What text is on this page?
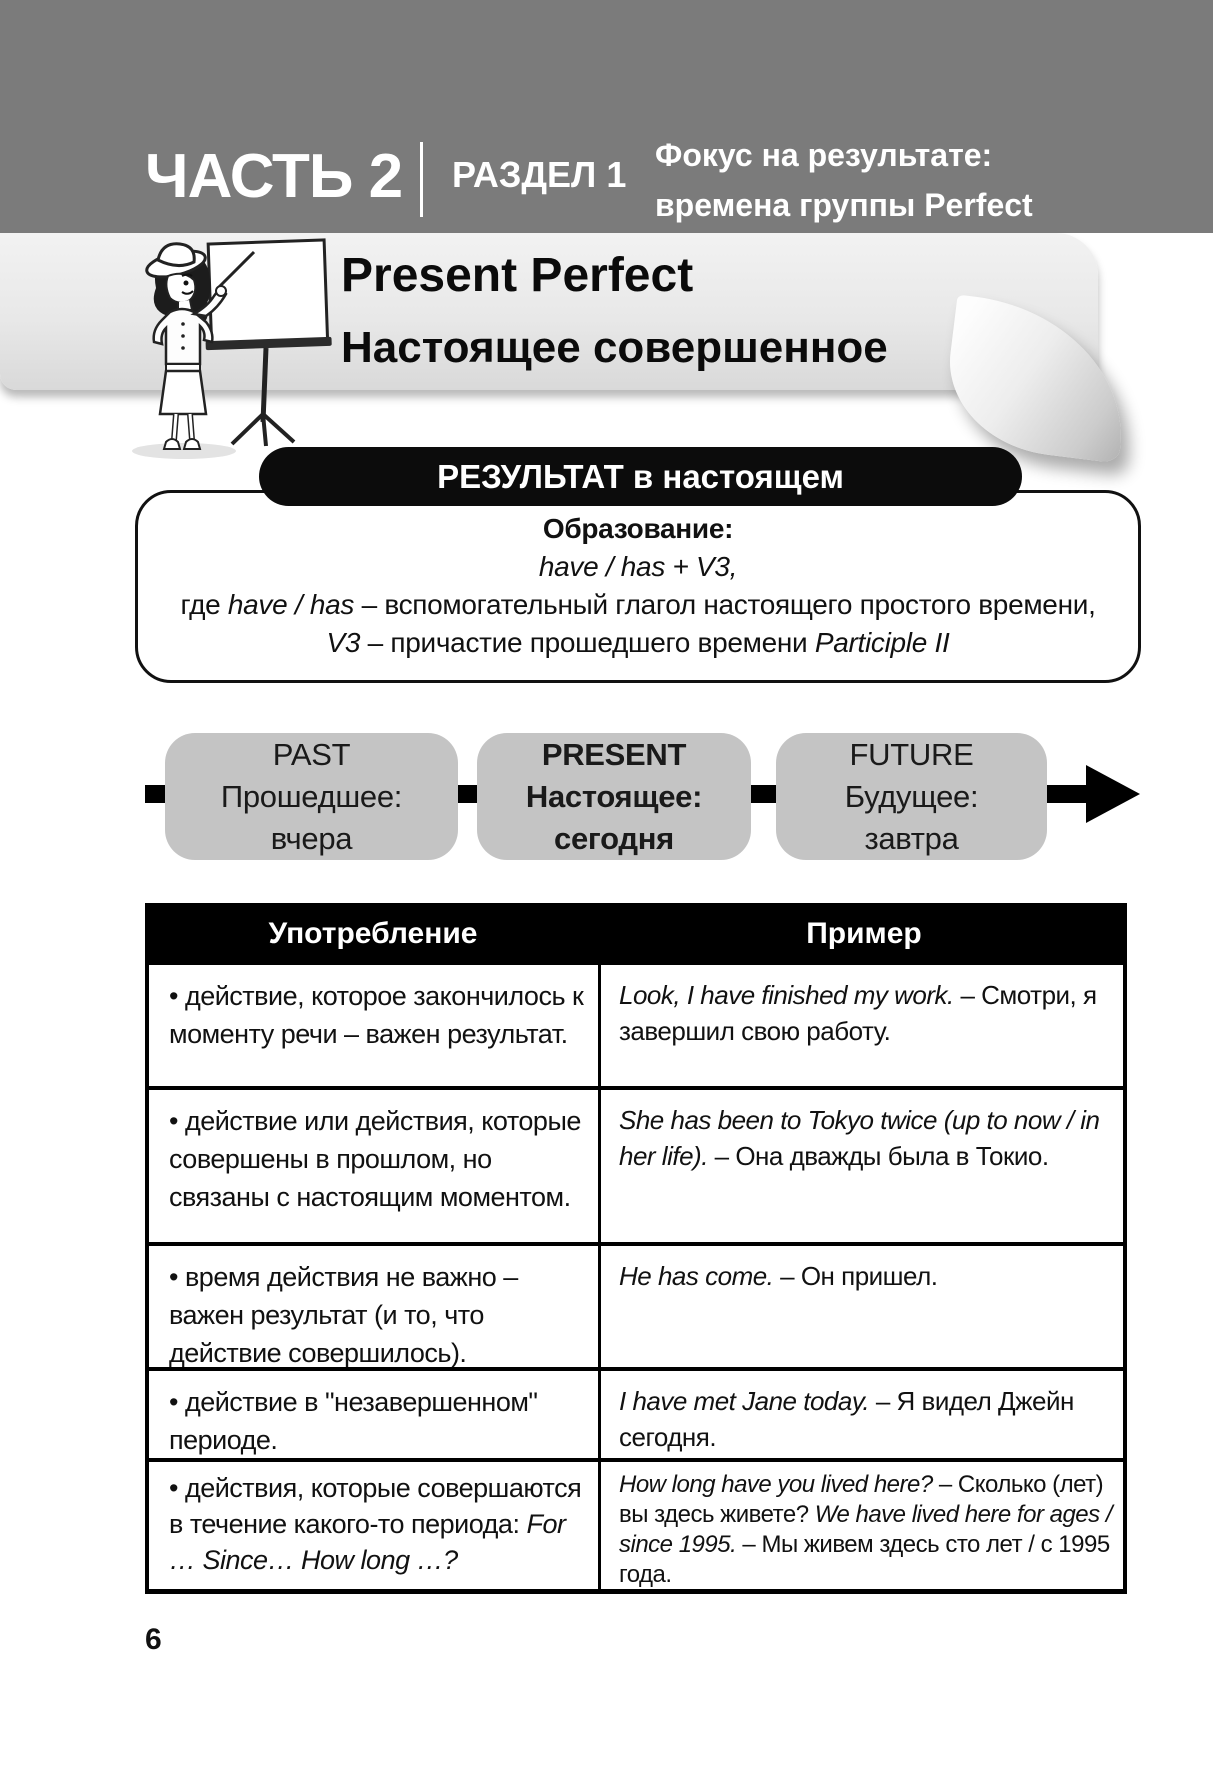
ЧАСТЬ 2 РАЗДЕЛ 1 Фокус на результате:
времена группы Perfect
Present Perfect
Настоящее совершенное
РЕЗУЛЬТАТ в настоящем
Образование:
have / has + V3,
где have / has – вспомогательный глагол настоящего простого времени,
V3 – причастие прошедшего времени Participle II
PAST
Прошедшее:
вчера
PRESENT
Настоящее:
сегодня
FUTURE
Будущее:
завтра
Употребление	Пример
• действие, которое закончилось к моменту речи – важен результат.
Look, I have finished my work. – Смотри, я завершил свою работу.
• действие или действия, которые совершены в прошлом, но связаны с настоящим моментом.
She has been to Tokyo twice (up to now / in her life). – Она дважды была в Токио.
• время действия не важно – важен результат (и то, что действие совершилось).
He has come. – Он пришел.
• действие в "незавершенном" периоде.
I have met Jane today. – Я видел Джейн сегодня.
• действия, которые совершаются в течение какого-то периода: For … Since… How long …?
How long have you lived here? – Сколько (лет) вы здесь живете? We have lived here for ages / since 1995. – Мы живем здесь сто лет / с 1995 года.
6
